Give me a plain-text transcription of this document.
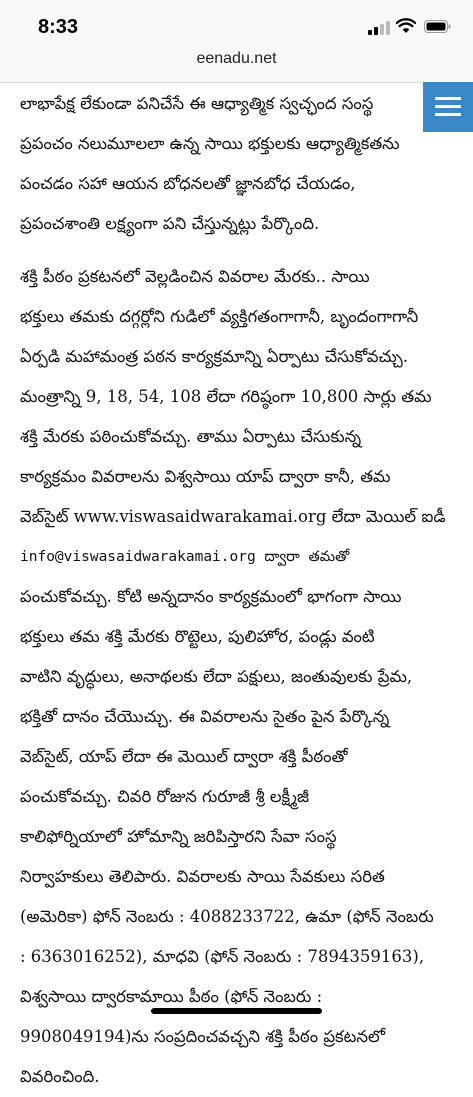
8:33
eenadu.net
లాభాపేక్ష లేకుండా పనిచేసే ఈ ఆధ్యాత్మిక స్వచ్ఛంద సంస్థ
ప్రపంచం నలుమూలలా ఉన్న సాయి భక్తులకు ఆధ్యాత్మికతను
పంచడం సహా ఆయన బోధనలతో జ్ఞానబోధ చేయడం,
ప్రపంచశాంతి లక్ష్యంగా పని చేస్తున్నట్లు పేర్కొంది.
శక్తి పీఠం ప్రకటనలో వెల్లడించిన వివరాల మేరకు.. సాయి
భక్తులు తమకు దగ్గర్లోని గుడిలో వ్యక్తిగతంగాగానీ, బృందంగాగానీ
ఏర్పడి మహామంత్ర పఠన కార్యక్రమాన్ని ఏర్పాటు చేసుకోవచ్చు.
మంత్రాన్ని 9, 18, 54, 108 లేదా గరిష్ఠంగా 10,800 సార్లు తమ
శక్తి మేరకు పఠించుకోవచ్చు. తాము ఏర్పాటు చేసుకున్న
కార్యక్రమం వివరాలను విశ్వసాయి యాప్ ద్వారా కానీ, తమ
వెబ్‌సైట్ www.viswasaidwarakamai.org లేదా మెయిల్ ఐడీ
info@viswasaidwarakamai.org ద్వారా తమతో
పంచుకోవచ్చు. కోటి అన్నదానం కార్యక్రమంలో భాగంగా సాయి
భక్తులు తమ శక్తి మేరకు రొట్టెలు, పులిహోర, పండ్లు వంటి
వాటిని వృద్ధులు, అనాథలకు లేదా పక్షులు, జంతువులకు ప్రేమ,
భక్తితో దానం చేయొచ్చు. ఈ వివరాలను సైతం పైన పేర్కొన్న
వెబ్‌సైట్, యాప్ లేదా ఈ మెయిల్ ద్వారా శక్తి పీఠంతో
పంచుకోవచ్చు. చివరి రోజున గురూజీ శ్రీ లక్ష్మీజీ
కాలిఫోర్నియాలో హోమాన్ని జరిపిస్తారని సేవా సంస్థ
నిర్వాహకులు తెలిపారు. వివరాలకు సాయి సేవకులు సరిత
(అమెరికా) ఫోన్ నెంబరు : 4088233722, ఉమా (ఫోన్ నెంబరు
: 6363016252), మాధవి (ఫోన్ నెంబరు : 7894359163),
విశ్వసాయి ద్వారకామాయి పీఠం (ఫోన్ నెంబరు :
9908049194)ను సంప్రదించవచ్చని శక్తి పీఠం ప్రకటనలో
వివరించింది.
